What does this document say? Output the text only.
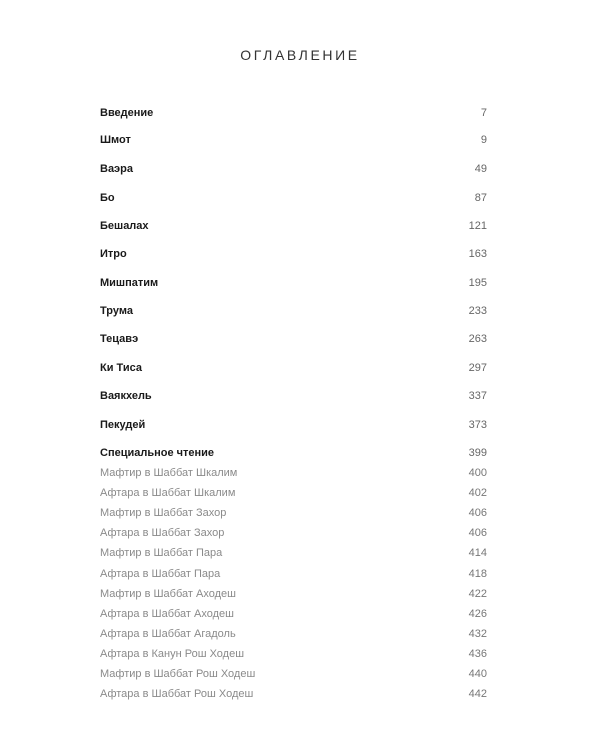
ОГЛАВЛЕНИЕ
Введение	7
Шмот	9
Ваэра	49
Бо	87
Бешалах	121
Итро	163
Мишпатим	195
Трума	233
Тецавэ	263
Ки Тиса	297
Ваякхель	337
Пекудей	373
Специальное чтение	399
Мафтир в Шаббат Шкалим	400
Афтара в Шаббат Шкалим	402
Мафтир в Шаббат Захор	406
Афтара в Шаббат Захор	406
Мафтир в Шаббат Пара	414
Афтара в Шаббат Пара	418
Мафтир в Шаббат Аходеш	422
Афтара в Шаббат Аходеш	426
Афтара в Шаббат Агадоль	432
Афтара в Канун Рош Ходеш	436
Мафтир в Шаббат Рош Ходеш	440
Афтара в Шаббат Рош Ходеш	442
